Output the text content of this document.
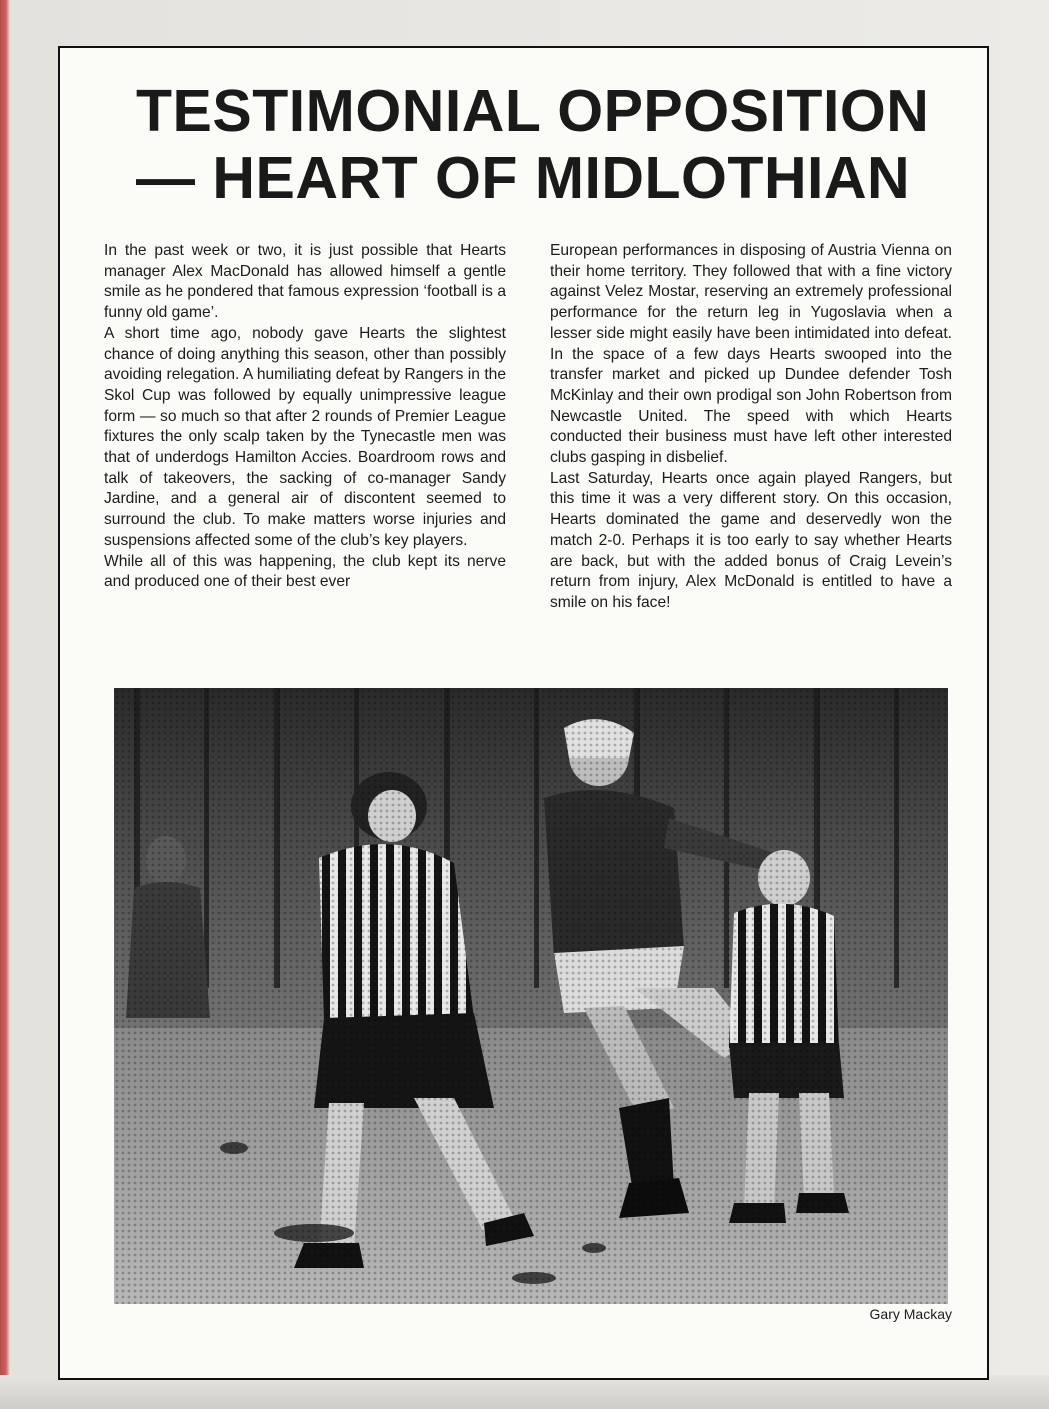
TESTIMONIAL OPPOSITION
— HEART OF MIDLOTHIAN

In the past week or two, it is just possible that Hearts manager Alex MacDonald has allowed himself a gentle smile as he pondered that famous expression ‘football is a funny old game’.

A short time ago, nobody gave Hearts the slightest chance of doing anything this season, other than possibly avoiding relegation. A humiliating defeat by Rangers in the Skol Cup was followed by equally unimpressive league form — so much so that after 2 rounds of Premier League fixtures the only scalp taken by the Tynecastle men was that of underdogs Hamilton Accies. Boardroom rows and talk of takeovers, the sacking of co-manager Sandy Jardine, and a general air of discontent seemed to surround the club. To make matters worse injuries and suspensions affected some of the club’s key players.

While all of this was happening, the club kept its nerve and produced one of their best ever

European performances in disposing of Austria Vienna on their home territory. They followed that with a fine victory against Velez Mostar, reserving an extremely professional performance for the return leg in Yugoslavia when a lesser side might easily have been intimidated into defeat. In the space of a few days Hearts swooped into the transfer market and picked up Dundee defender Tosh McKinlay and their own prodigal son John Robertson from Newcastle United. The speed with which Hearts conducted their business must have left other interested clubs gasping in disbelief.

Last Saturday, Hearts once again played Rangers, but this time it was a very different story. On this occasion, Hearts dominated the game and deservedly won the match 2-0. Perhaps it is too early to say whether Hearts are back, but with the added bonus of Craig Levein’s return from injury, Alex McDonald is entitled to have a smile on his face!

Gary Mackay
